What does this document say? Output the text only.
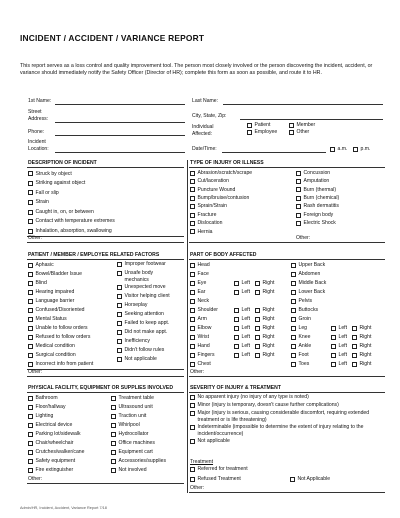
INCIDENT / ACCIDENT / VARIANCE REPORT
This report serves as a loss control and quality improvement tool. The person most closely involved or the person discovering the incident, accident, or variance should immediately notify the Safety Officer (Director of HR); complete this form as soon as possible, and route it to HR.
1st Name:	Last Name:
Street Address:	City, State, Zip:
Phone:
Individual Affected:
Patient	Member
Employee	Other
Incident Location:	Date/Time:	a.m.	p.m.
DESCRIPTION OF INCIDENT
Struck by object
Striking against object
Fall or slip
Strain
Caught in, on, or between
Contact with temperature extremes
Inhalation, absorption, swallowing
Other:
TYPE OF INJURY OR ILLNESS
Abrasion/scratch/scrape
Cut/laceration
Puncture Wound
Bump/bruise/contusion
Sprain/Strain
Fracture
Dislocation
Hernia
Concussion
Amputation
Burn (thermal)
Burn (chemical)
Rash dermatitis
Foreign body
Electric Shock
Other:
PATIENT / MEMBER / EMPLOYEE RELATED FACTORS
Aphasic
Bowel/Bladder Issue
Blind
Hearing impaired
Language barrier
Confused/Disoriented
Mental Status
Unable to follow orders
Refused to follow orders
Medical condition
Surgical condition
Incorrect info from patient
Improper footwear
Unsafe body mechanics
Unexpected move
Visitor helping client
Horseplay
Seeking attention
Failed to keep appt.
Did not make appt.
Inefficiency
Didn't follow rules
Not applicable
Other:
PART OF BODY AFFECTED
Head
Face
Eye	Left Right
Ear	Left Right
Neck
Shoulder	Left Right
Arm	Left Right
Elbow	Left Right
Wrist	Left Right
Hand	Left Right
Fingers	Left Right
Chest
Upper Back
Abdomen
Middle Back
Lower Back
Pelvis
Buttocks
Groin
Leg	Left Right
Knee	Left Right
Ankle	Left Right
Foot	Left Right
Toes	Left Right
Other:
PHYSICAL FACILITY, EQUIPMENT OR SUPPLIES INVOLVED
Bathroom
Floor/hallway
Lighting
Electrical device
Parking lot/sidewalk
Chair/wheelchair
Crutches/walker/cane
Safety equipment
Fire extinguisher
Treatment table
Ultrasound unit
Traction unit
Whirlpool
Hydrocollator
Office machines
Equipment cart
Accessories/supplies
Not involved
Other:
SEVERITY OF INJURY & TREATMENT
No apparent injury (no injury of any type is noted)
Minor (injury is temporary, doesn't cause further complications)
Major (injury is serious, causing considerable discomfort, requiring extended treatment or is life threatening)
Indeterminable (impossible to determine the extent of injury relating to the incident/occurrence)
Not applicable
Treatment
Referred for treatment
Refused Treatment	Not Applicable
Other:
Admin/HR, Incident, Accident, Variance Report 7/18
